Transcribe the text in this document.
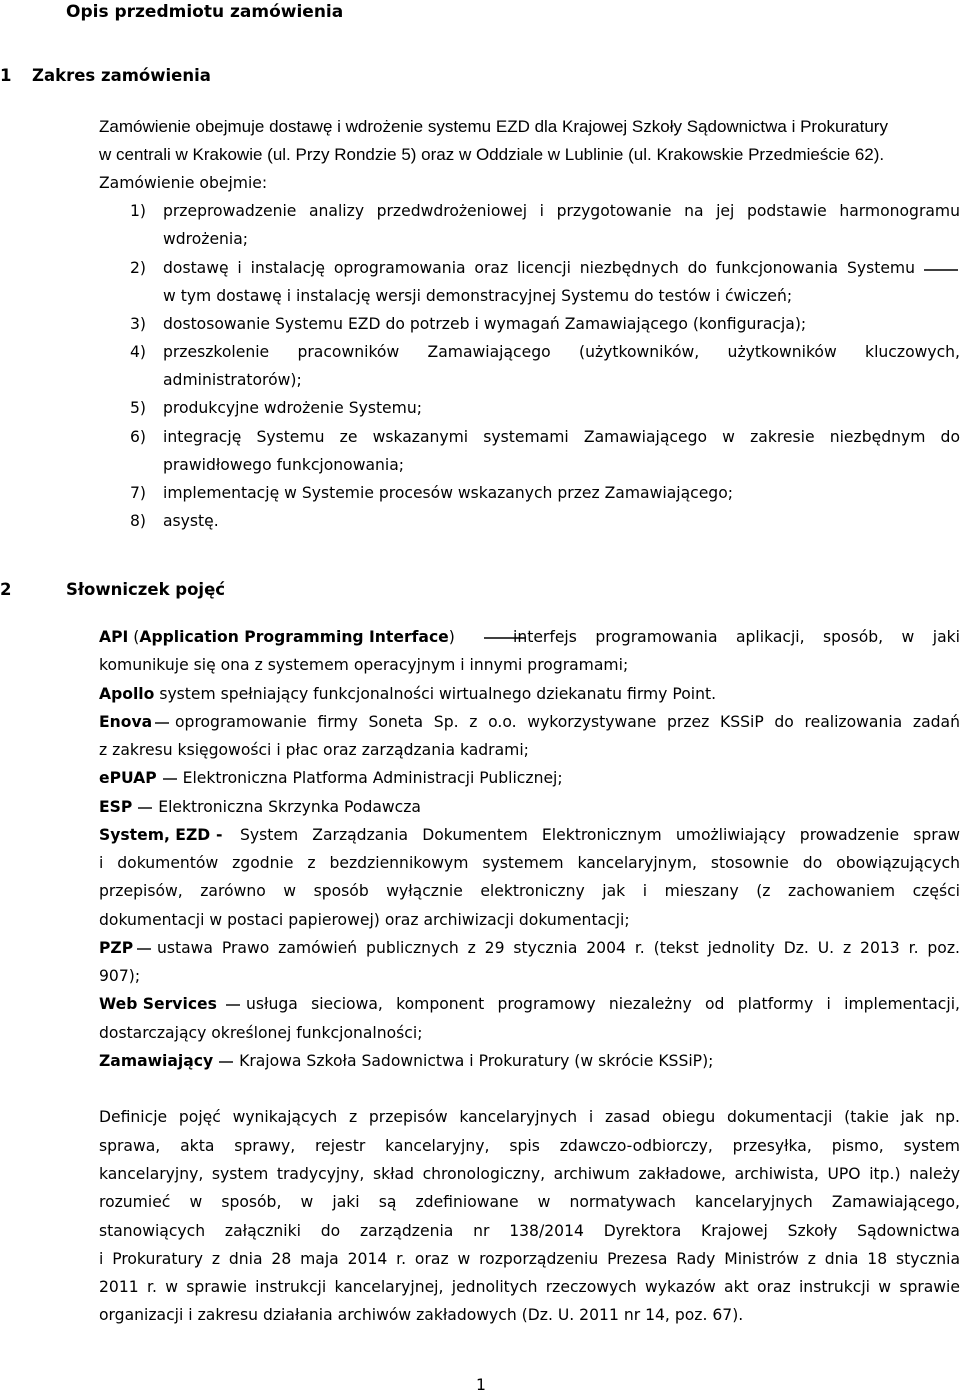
Opis przedmiotu zamówienia
1 Zakres zamówienia
Zamówienie obejmuje dostawę i wdrożenie systemu EZD dla Krajowej Szkoły Sądownictwa i Prokuratury
w centrali w Krakowie (ul. Przy Rondzie 5) oraz w Oddziale w Lublinie (ul. Krakowskie Przedmieście 62).
Zamówienie obejmie:
1) przeprowadzenie analizy przedwdrożeniowej i przygotowanie na jej podstawie harmonogramu
wdrożenia;
2) dostawę i instalację oprogramowania oraz licencji niezbędnych do funkcjonowania Systemu
w tym dostawę i instalację wersji demonstracyjnej Systemu do testów i ćwiczeń;
3) dostosowanie Systemu EZD do potrzeb i wymagań Zamawiającego (konfiguracja);
4) przeszkolenie pracowników Zamawiającego (użytkowników, użytkowników kluczowych,
administratorów);
5) produkcyjne wdrożenie Systemu;
6) integrację Systemu ze wskazanymi systemami Zamawiającego w zakresie niezbędnym do
prawidłowego funkcjonowania;
7) implementację w Systemie procesów wskazanych przez Zamawiającego;
8) asystę.
2	Słowniczek pojęć
API (Application Programming Interface)	interfejs programowania aplikacji, sposób, w jaki
komunikuje się ona z systemem operacyjnym i innymi programami;
Apollo system spełniający funkcjonalności wirtualnego dziekanatu firmy Point.
Enova oprogramowanie firmy Soneta Sp. z o.o. wykorzystywane przez KSSiP do realizowania zadań
z zakresu księgowości i płac oraz zarządzania kadrami;
ePUAP Elektroniczna Platforma Administracji Publicznej;
ESP Elektroniczna Skrzynka Podawcza
System, EZD - System Zarządzania Dokumentem Elektronicznym umożliwiający prowadzenie spraw
i dokumentów zgodnie z bezdziennikowym systemem kancelaryjnym, stosownie do obowiązujących
przepisów, zarówno w sposób wyłącznie elektroniczny jak i mieszany (z zachowaniem części
dokumentacji w postaci papierowej) oraz archiwizacji dokumentacji;
PZP ustawa Prawo zamówień publicznych z 29 stycznia 2004 r. (tekst jednolity Dz. U. z 2013 r. poz.
907);
Web Services usługa sieciowa, komponent programowy niezależny od platformy i implementacji,
dostarczający określonej funkcjonalności;
Zamawiający Krajowa Szkoła Sadownictwa i Prokuratury (w skrócie KSSiP);
Definicje pojęć wynikających z przepisów kancelaryjnych i zasad obiegu dokumentacji (takie jak np.
sprawa, akta sprawy, rejestr kancelaryjny, spis zdawczo-odbiorczy, przesyłka, pismo, system
kancelaryjny, system tradycyjny, skład chronologiczny, archiwum zakładowe, archiwista, UPO itp.) należy
rozumieć w sposób, w jaki są zdefiniowane w normatywach kancelaryjnych Zamawiającego,
stanowiących załączniki do zarządzenia nr 138/2014 Dyrektora Krajowej Szkoły Sądownictwa
i Prokuratury z dnia 28 maja 2014 r. oraz w rozporządzeniu Prezesa Rady Ministrów z dnia 18 stycznia
2011 r. w sprawie instrukcji kancelaryjnej, jednolitych rzeczowych wykazów akt oraz instrukcji w sprawie
organizacji i zakresu działania archiwów zakładowych (Dz. U. 2011 nr 14, poz. 67).
1
